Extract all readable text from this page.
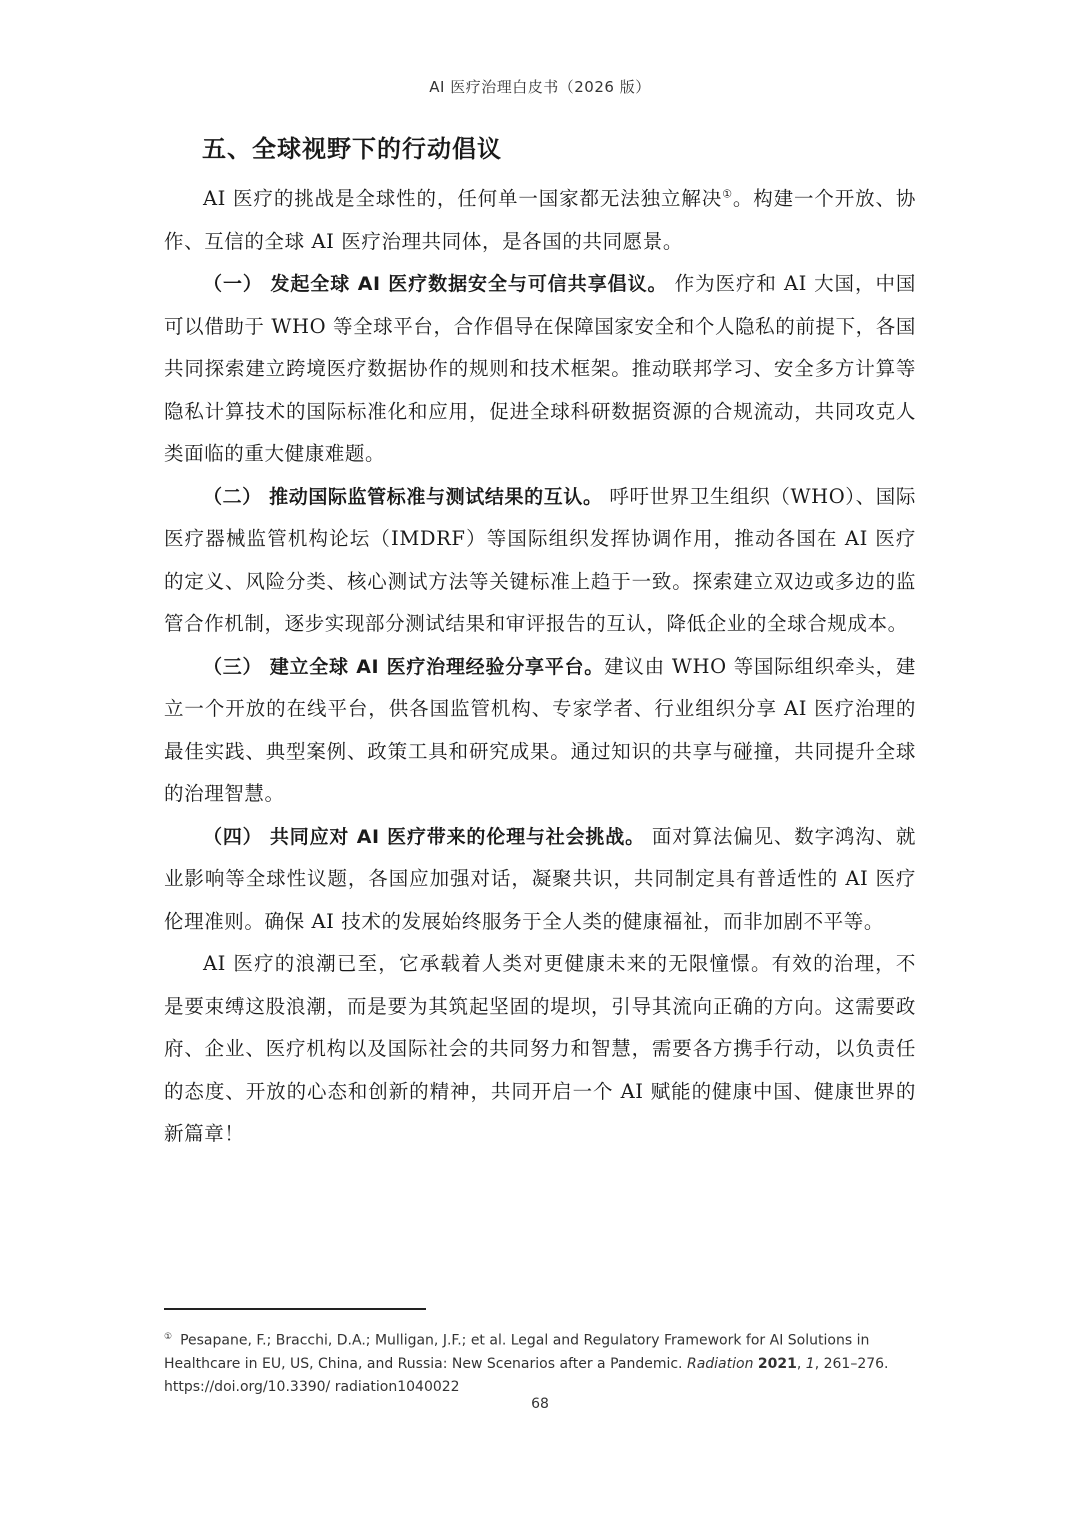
AI 医疗治理白皮书（2026 版）
五、全球视野下的行动倡议

AI 医疗的挑战是全球性的，任何单一国家都无法独立解决①。构建一个开放、协作、互信的全球 AI 医疗治理共同体，是各国的共同愿景。

（一） 发起全球 AI 医疗数据安全与可信共享倡议。 作为医疗和 AI 大国，中国可以借助于 WHO 等全球平台，合作倡导在保障国家安全和个人隐私的前提下，各国共同探索建立跨境医疗数据协作的规则和技术框架。推动联邦学习、安全多方计算等隐私计算技术的国际标准化和应用，促进全球科研数据资源的合规流动，共同攻克人类面临的重大健康难题。

（二） 推动国际监管标准与测试结果的互认。 呼吁世界卫生组织（WHO）、国际医疗器械监管机构论坛（IMDRF）等国际组织发挥协调作用，推动各国在 AI 医疗的定义、风险分类、核心测试方法等关键标准上趋于一致。探索建立双边或多边的监管合作机制，逐步实现部分测试结果和审评报告的互认，降低企业的全球合规成本。

（三） 建立全球 AI 医疗治理经验分享平台。建议由 WHO 等国际组织牵头，建立一个开放的在线平台，供各国监管机构、专家学者、行业组织分享 AI 医疗治理的最佳实践、典型案例、政策工具和研究成果。通过知识的共享与碰撞，共同提升全球的治理智慧。

（四） 共同应对 AI 医疗带来的伦理与社会挑战。 面对算法偏见、数字鸿沟、就业影响等全球性议题，各国应加强对话，凝聚共识，共同制定具有普适性的 AI 医疗伦理准则。确保 AI 技术的发展始终服务于全人类的健康福祉，而非加剧不平等。

AI 医疗的浪潮已至，它承载着人类对更健康未来的无限憧憬。有效的治理，不是要束缚这股浪潮，而是要为其筑起坚固的堤坝，引导其流向正确的方向。这需要政府、企业、医疗机构以及国际社会的共同努力和智慧，需要各方携手行动，以负责任的态度、开放的心态和创新的精神，共同开启一个 AI 赋能的健康中国、健康世界的新篇章！

① Pesapane, F.; Bracchi, D.A.; Mulligan, J.F.; et al. Legal and Regulatory Framework for AI Solutions in Healthcare in EU, US, China, and Russia: New Scenarios after a Pandemic. Radiation 2021, 1, 261–276.
https://doi.org/10.3390/ radiation1040022
68
